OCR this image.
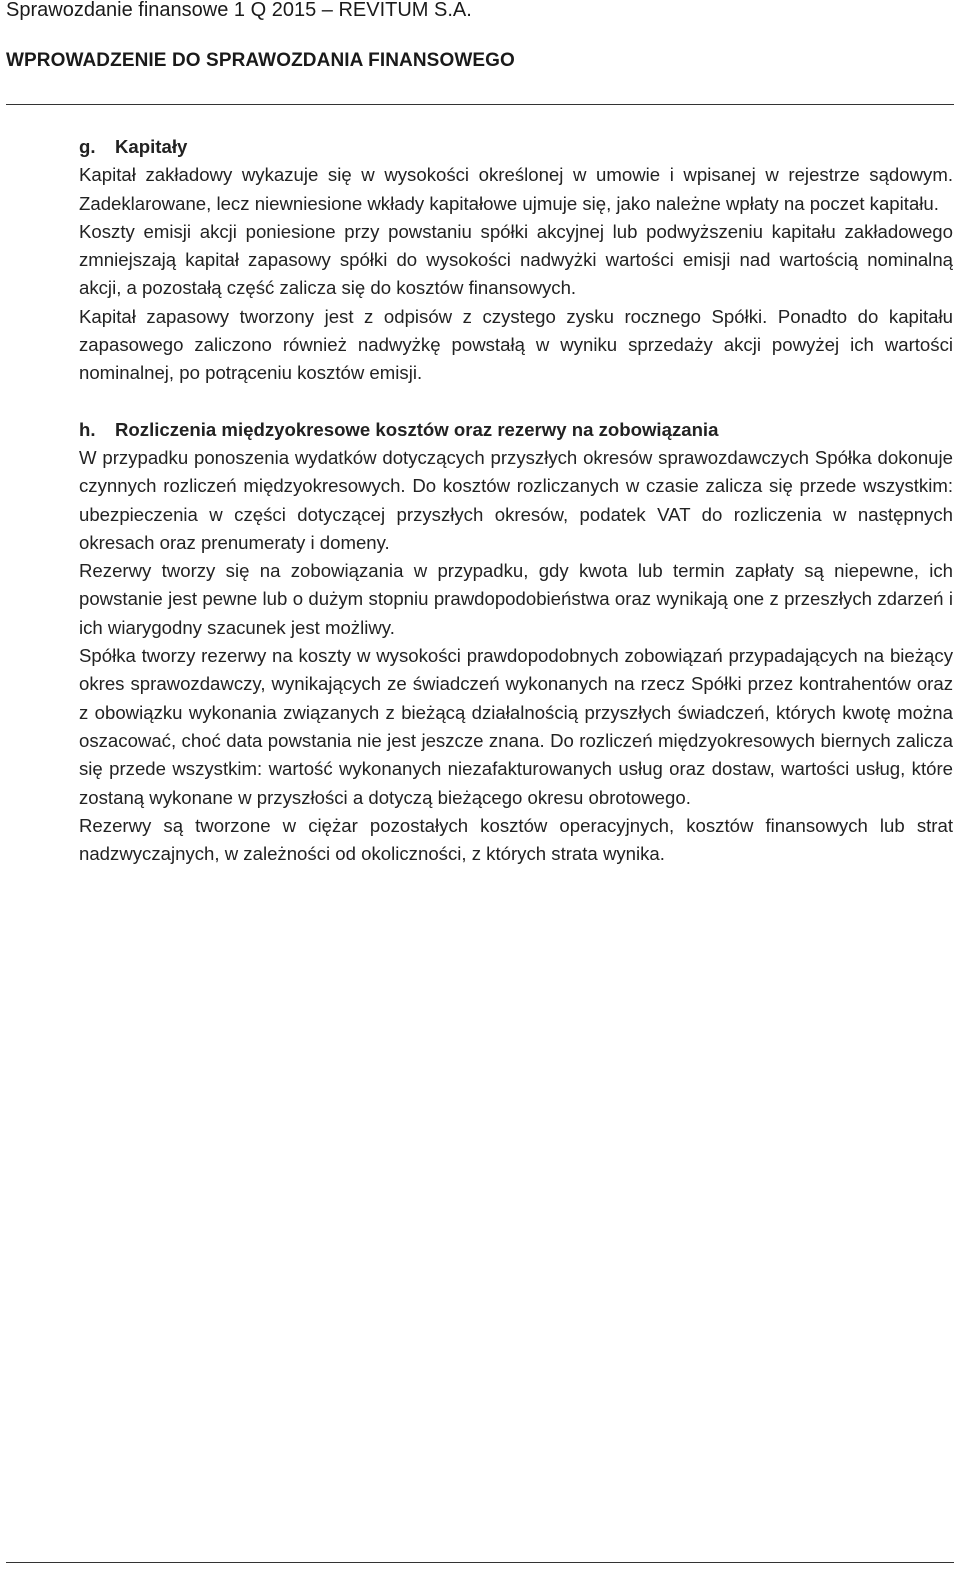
Sprawozdanie finansowe 1 Q 2015 – REVITUM S.A.
WPROWADZENIE DO SPRAWOZDANIA FINANSOWEGO
g. Kapitały

Kapitał zakładowy wykazuje się w wysokości określonej w umowie i wpisanej w rejestrze sądowym. Zadeklarowane, lecz niewniesione wkłady kapitałowe ujmuje się, jako należne wpłaty na poczet kapitału.

Koszty emisji akcji poniesione przy powstaniu spółki akcyjnej lub podwyższeniu kapitału zakładowego zmniejszają kapitał zapasowy spółki do wysokości nadwyżki wartości emisji nad wartością nominalną akcji, a pozostałą część zalicza się do kosztów finansowych.

Kapitał zapasowy tworzony jest z odpisów z czystego zysku rocznego Spółki. Ponadto do kapitału zapasowego zaliczono również nadwyżkę powstałą w wyniku sprzedaży akcji powyżej ich wartości nominalnej, po potrąceniu kosztów emisji.

h. Rozliczenia międzyokresowe kosztów oraz rezerwy na zobowiązania

W przypadku ponoszenia wydatków dotyczących przyszłych okresów sprawozdawczych Spółka dokonuje czynnych rozliczeń międzyokresowych. Do kosztów rozliczanych w czasie zalicza się przede wszystkim: ubezpieczenia w części dotyczącej przyszłych okresów, podatek VAT do rozliczenia w następnych okresach oraz prenumeraty i domeny.

Rezerwy tworzy się na zobowiązania w przypadku, gdy kwota lub termin zapłaty są niepewne, ich powstanie jest pewne lub o dużym stopniu prawdopodobieństwa oraz wynikają one z przeszłych zdarzeń i ich wiarygodny szacunek jest możliwy.

Spółka tworzy rezerwy na koszty w wysokości prawdopodobnych zobowiązań przypadających na bieżący okres sprawozdawczy, wynikających ze świadczeń wykonanych na rzecz Spółki przez kontrahentów oraz z obowiązku wykonania związanych z bieżącą działalnością przyszłych świadczeń, których kwotę można oszacować, choć data powstania nie jest jeszcze znana. Do rozliczeń międzyokresowych biernych zalicza się przede wszystkim: wartość wykonanych niezafakturowanych usług oraz dostaw, wartości usług, które zostaną wykonane w przyszłości a dotyczą bieżącego okresu obrotowego.

Rezerwy są tworzone w ciężar pozostałych kosztów operacyjnych, kosztów finansowych lub strat nadzwyczajnych, w zależności od okoliczności, z których strata wynika.
